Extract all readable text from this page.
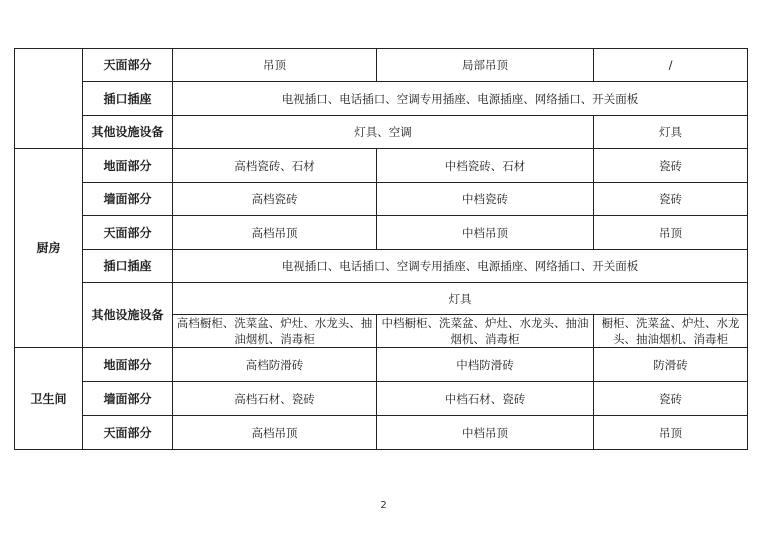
	天面部分	吊顶	局部吊顶	/
	插口插座	电视插口、电话插口、空调专用插座、电源插座、网络插口、开关面板		
	其他设施设备	灯具、空调		灯具
厨房	地面部分	高档瓷砖、石材	中档瓷砖、石材	瓷砖
	墙面部分	高档瓷砖	中档瓷砖	瓷砖
	天面部分	高档吊顶	中档吊顶	吊顶
	插口插座	电视插口、电话插口、空调专用插座、电源插座、网络插口、开关面板		
	其他设施设备	灯具		
		高档橱柜、洗菜盆、炉灶、水龙头、抽油烟机、消毒柜	中档橱柜、洗菜盆、炉灶、水龙头、抽油烟机、消毒柜	橱柜、洗菜盆、炉灶、水龙头、抽油烟机、消毒柜
卫生间	地面部分	高档防滑砖	中档防滑砖	防滑砖
	墙面部分	高档石材、瓷砖	中档石材、瓷砖	瓷砖
	天面部分	高档吊顶	中档吊顶	吊顶
2
